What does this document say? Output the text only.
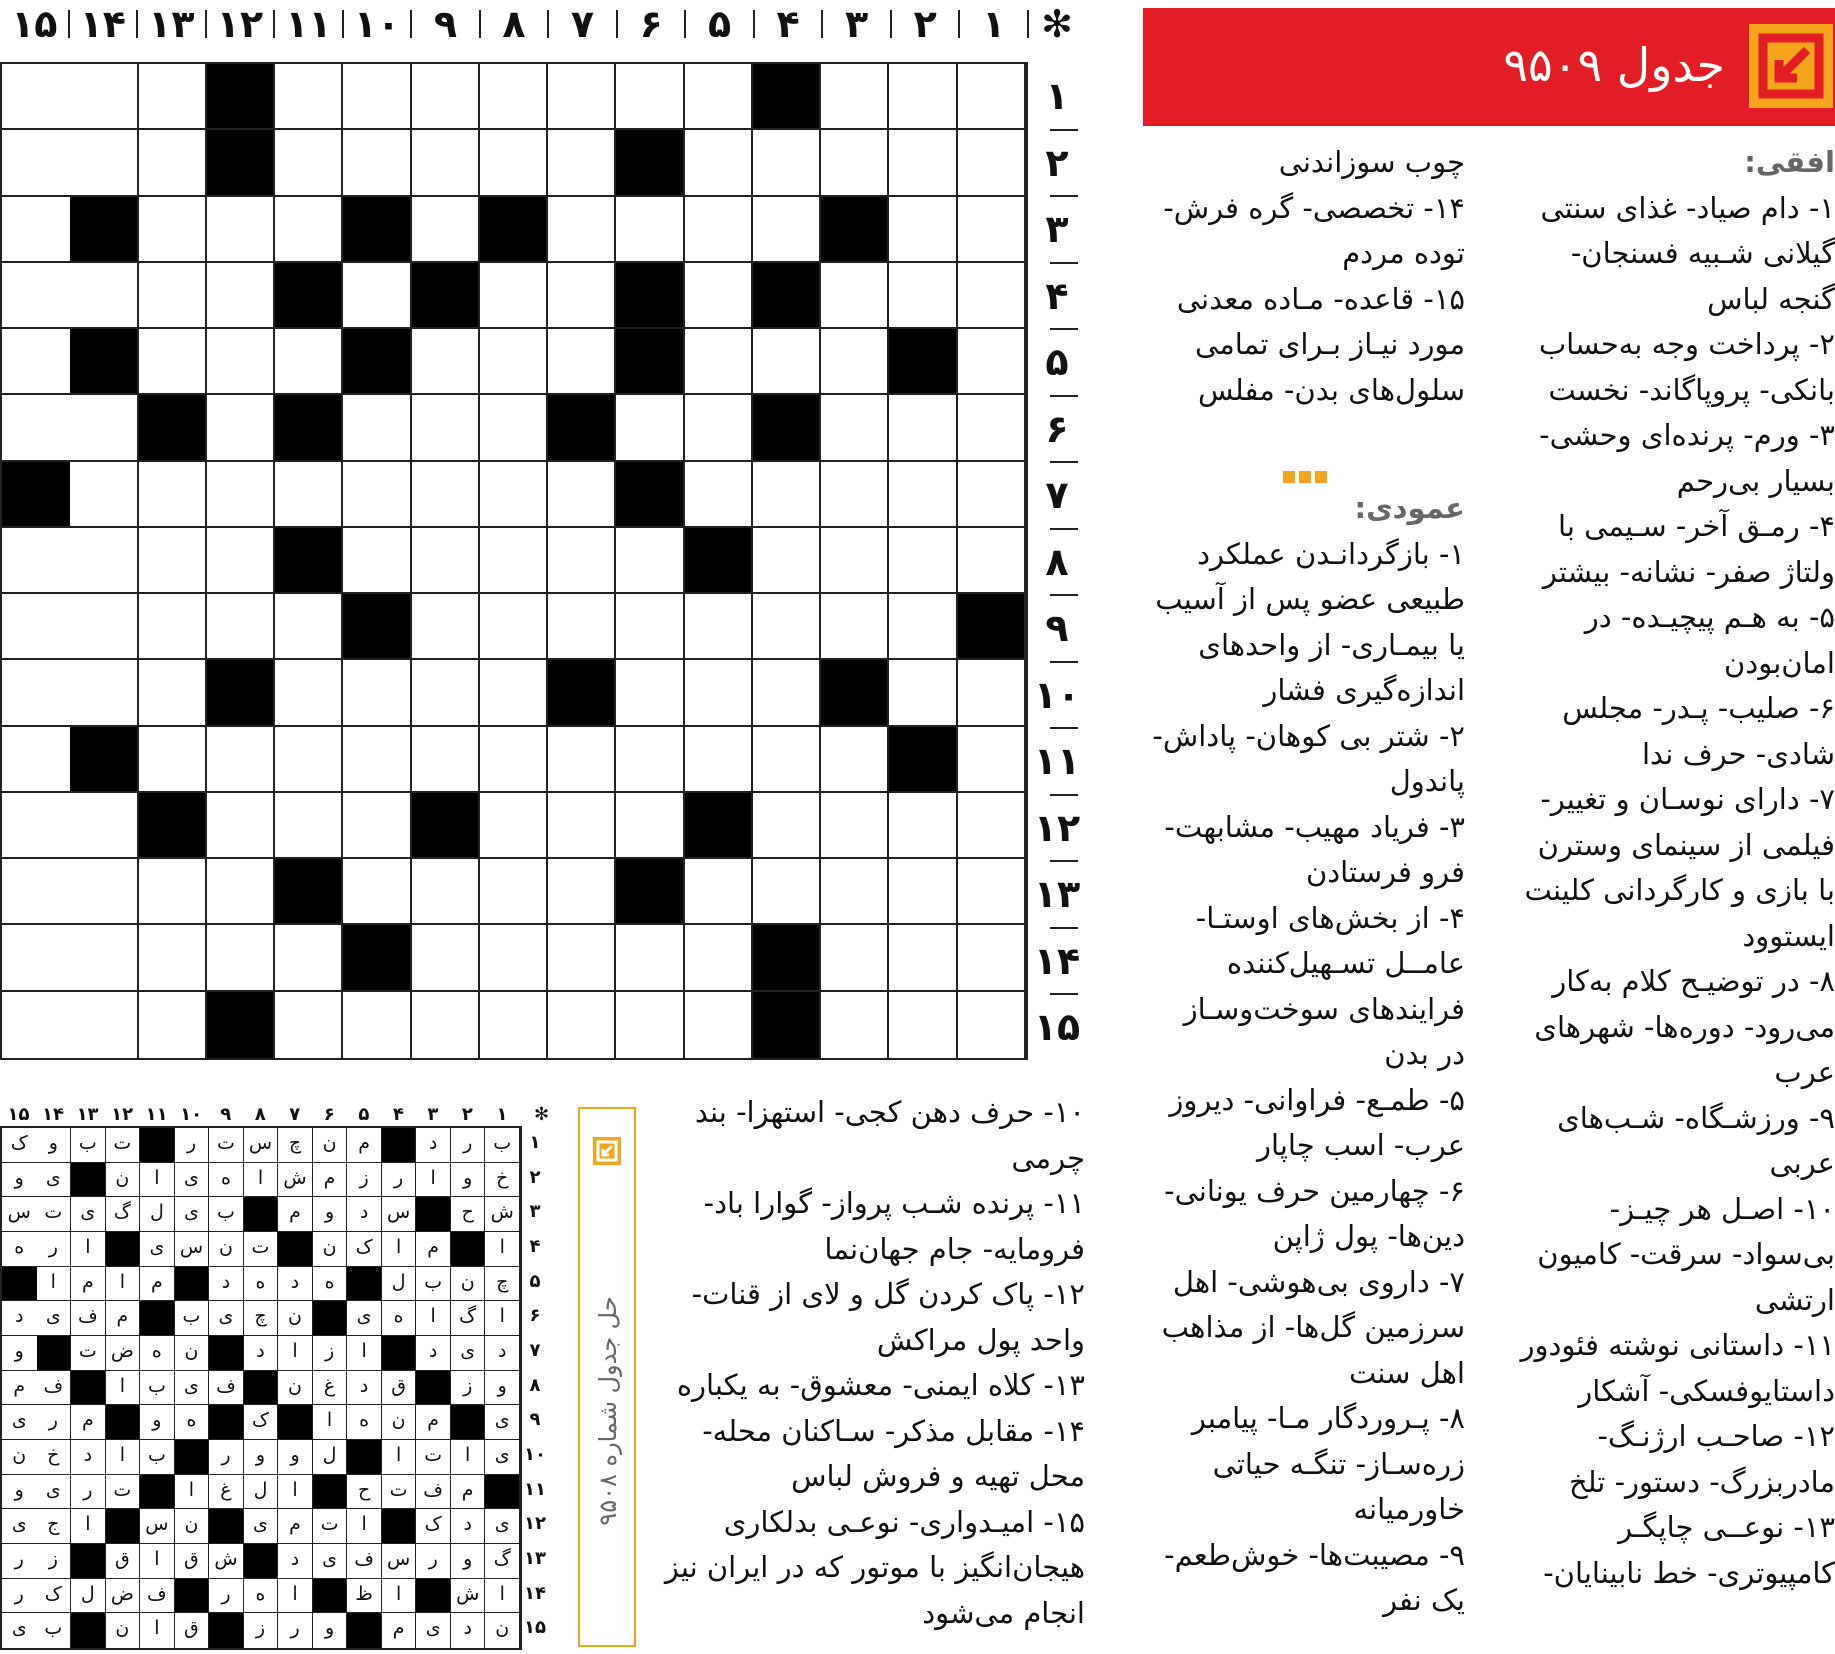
✻
۱
۲
۳
۴
۵
۶
۷
۸
۹
۱۰
۱۱
۱۲
۱۳
۱۴
۱۵
۱
۲
۳
۴
۵
۶
۷
۸
۹
۱۰
۱۱
۱۲
۱۳
۱۴
۱۵
جدول ۹۵۰۹
افقی:
۱- دام صیاد- غذای سنتی
گیلانی شـبیه فسنجان-
گنجه لباس
۲- پرداخت وجه به‌حساب
بانکی- پروپاگاند- نخست
۳- ورم- پرنده‌ای وحشی-
بسیار بی‌رحم
۴- رمـق آخر- سـیمی با
ولتاژ صفر- نشانه- بیشتر
۵- به هـم پیچیـده- در
امان‌بودن
۶- صلیب- پـدر- مجلس
شادی- حرف ندا
۷- دارای نوسـان و تغییر-
فیلمی از سینمای وسترن
با بازی و کارگردانی کلینت
ایستوود
۸- در توضیـح کلام به‌کار
می‌رود- دوره‌ها- شهرهای
عرب
۹- ورزشـگاه- شـب‌های
عربی
۱۰- اصـل هر چیـز-
بی‌سواد- سرقت- کامیون
ارتشی
۱۱- داستانی نوشته فئودور
داستایوفسکی- آشکار
۱۲- صاحـب ارژنـگ-
مادربزرگ- دستور- تلخ
۱۳- نوعــی چاپگـر
کامپیوتری- خط نابینایان-
چوب سوزاندنی
۱۴- تخصصی- گره فرش-
توده مردم
۱۵- قاعده- مـاده معدنی
مورد نیـاز بـرای تمامی
سلول‌های بدن- مفلس
عمودی:
۱- بازگردانـدن عملکرد
طبیعی عضو پس از آسیب
یا بیمـاری- از واحدهای
اندازه‌گیری فشار
۲- شتر بی کوهان- پاداش-
پاندول
۳- فریاد مهیب- مشابهت-
فرو فرستادن
۴- از بخش‌های اوستـا-
عامــل تسـهیل‌کننده
فرایندهای سوخت‌وسـاز
در بدن
۵- طمـع- فراوانی- دیروز
عرب- اسب چاپار
۶- چهارمین حرف یونانی-
دین‌ها- پول ژاپن
۷- داروی بی‌هوشی- اهل
سرزمین گل‌ها- از مذاهب
اهل سنت
۸- پـروردگار مـا- پیامبر
زره‌سـاز- تنگـه حیاتی
خاورمیانه
۹- مصیبت‌ها- خوش‌طعم-
یک نفر
۱۰- حرف دهن کجی- استهزا- بند
چرمی
۱۱- پرنده شـب پرواز- گوارا باد-
فرومایه- جام جهان‌نما
۱۲- پاک کردن گل و لای از قنات-
واحد پول مراکش
۱۳- کلاه ایمنی- معشوق- به یکباره
۱۴- مقابل مذکر- سـاکنان محله-
محل تهیه و فروش لباس
۱۵- امیـدواری- نوعـی بدلکاری
هیجان‌انگیز با موتور که در ایران نیز
انجام می‌شود
✻
۱
۲
۳
۴
۵
۶
۷
۸
۹
۱۰
۱۱
۱۲
۱۳
۱۴
۱۵
۱
۲
۳
۴
۵
۶
۷
۸
۹
۱۰
۱۱
۱۲
۱۳
۱۴
۱۵
ب
ر
د
م
ن
چ
س
ت
ر
ت
ب
و
ک
خ
و
ا
ر
ز
م
ش
ا
ه
ی
ا
ن
ی
و
ش
ح
س
د
و
م
ب
ی
ل
گ
ی
ت
س
ا
م
ا
ک
ن
ت
ن
س
ی
ا
ر
ه
چ
ن
ب
ل
ه
د
ه
د
م
ا
م
ا
ا
گ
ا
ه
ی
ن
چ
ی
ب
م
ف
ی
د
د
ی
د
ا
ز
ا
د
ن
ه
ض
ت
و
و
ز
ق
د
غ
ن
ف
ی
ب
ا
ف
م
ی
م
ن
ه
ا
ک
ه
و
م
ر
ی
ی
ا
ت
ا
ل
و
و
ر
ب
ا
د
خ
ن
م
ف
ت
ح
ا
ل
غ
ا
ت
ر
ی
و
ی
د
ک
ا
ت
م
ی
ن
س
ا
ج
ی
گ
و
ر
س
ف
ی
د
ش
ق
ا
ق
ز
ر
ا
ش
ا
ظ
ا
ه
ر
ف
ض
ل
ک
ر
ن
د
ی
م
و
ر
ز
ق
ا
ن
ب
ی
حل جدول شماره ۹۵۰۸
